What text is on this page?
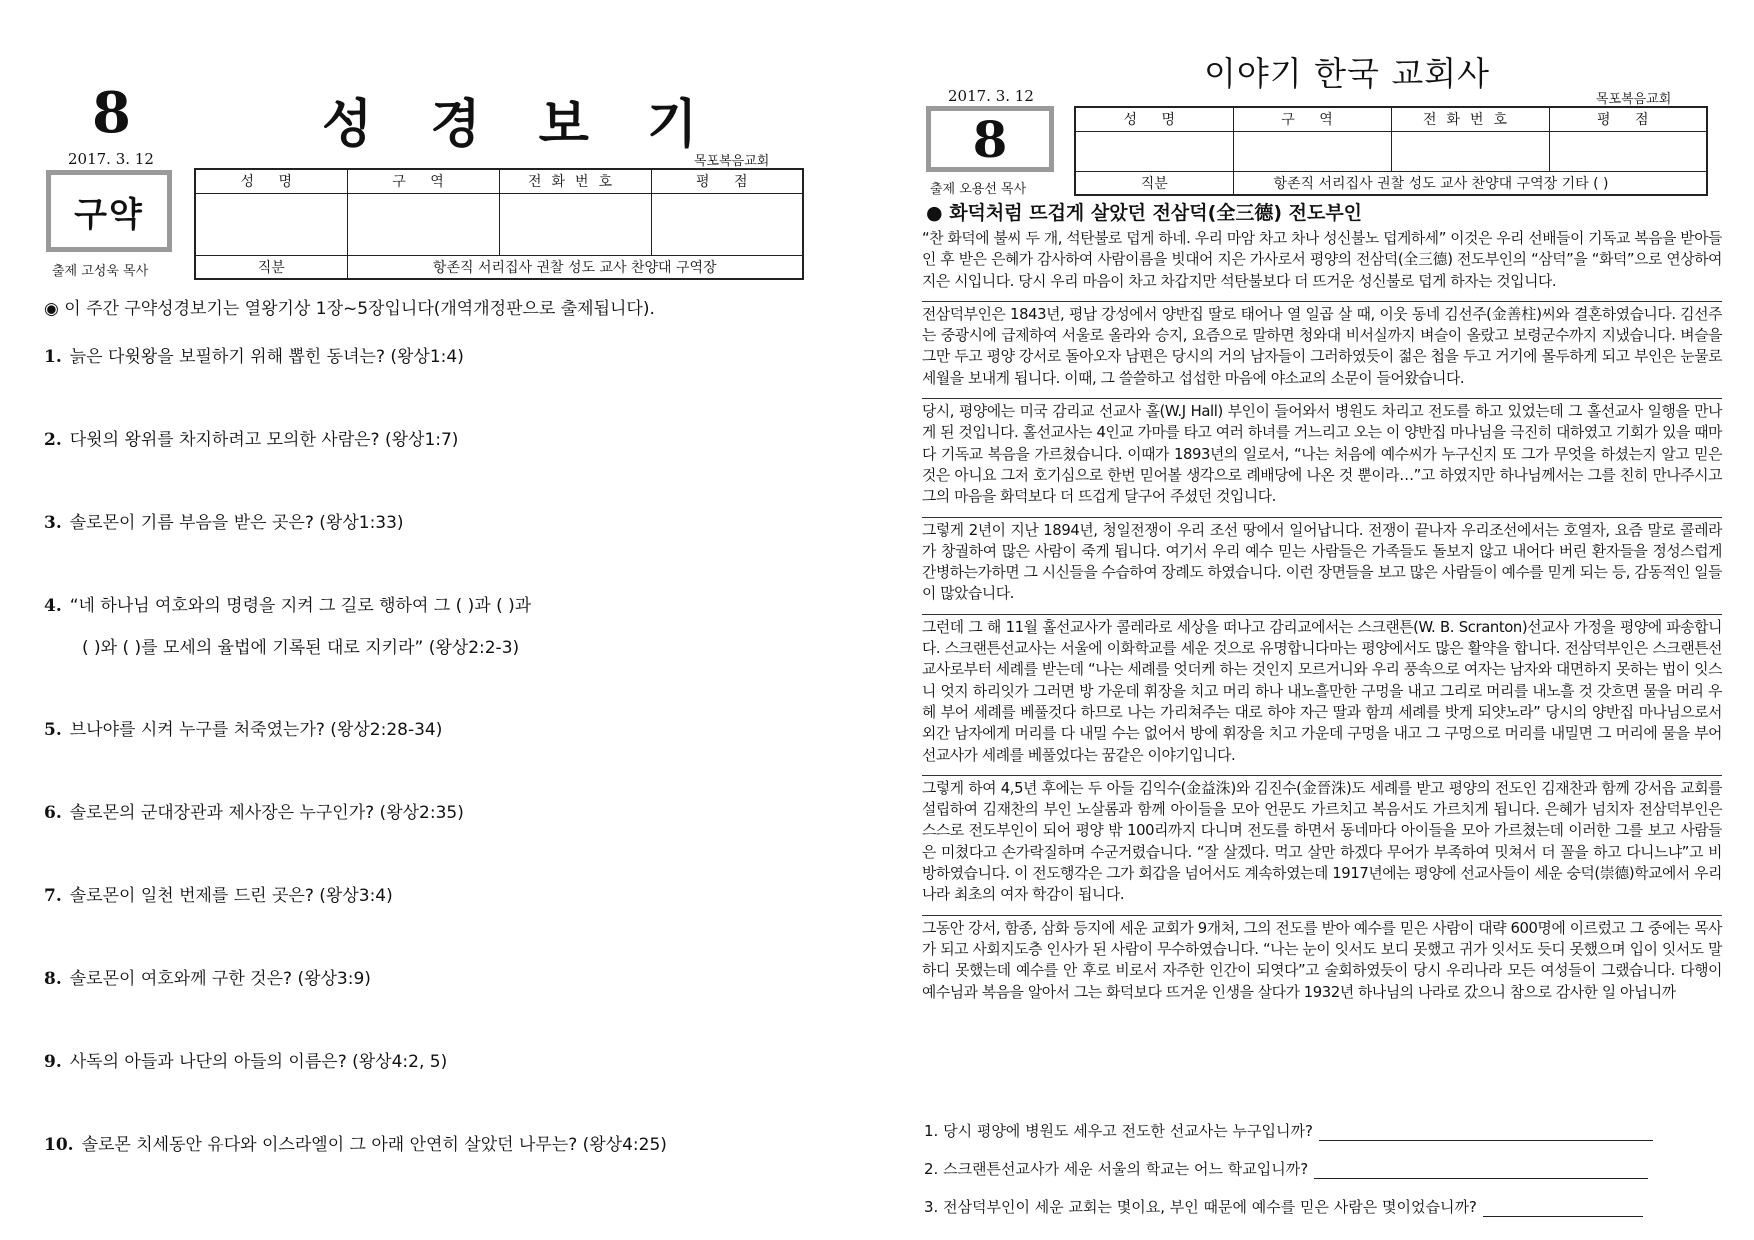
8	성 경 보 기
2017. 3. 12	목포복음교회
구약
출제 고성욱 목사
성 명	구 역	전화번호	평 점

직분	항존직 서리집사 권찰 성도 교사 찬양대 구역장		
◉ 이 주간 구약성경보기는 열왕기상 1장~5장입니다(개역개정판으로 출제됩니다).
1. 늙은 다윗왕을 보필하기 위해 뽑힌 동녀는? (왕상1:4)
2. 다윗의 왕위를 차지하려고 모의한 사람은? (왕상1:7)
3. 솔로몬이 기름 부음을 받은 곳은? (왕상1:33)
4. “네 하나님 여호와의 명령을 지켜 그 길로 행하여 그 ( )과 ( )과
( )와 ( )를 모세의 율법에 기록된 대로 지키라” (왕상2:2-3)
5. 브나야를 시켜 누구를 처죽였는가? (왕상2:28-34)
6. 솔로몬의 군대장관과 제사장은 누구인가? (왕상2:35)
7. 솔로몬이 일천 번제를 드린 곳은? (왕상3:4)
8. 솔로몬이 여호와께 구한 것은? (왕상3:9)
9. 사독의 아들과 나단의 아들의 이름은? (왕상4:2, 5)
10. 솔로몬 치세동안 유다와 이스라엘이 그 아래 안연히 살았던 나무는? (왕상4:25)
이야기 한국 교회사
2017. 3. 12	목포복음교회
8
출제 오용선 목사
성 명	구 역	전화번호	평 점

직분	항존직 서리집사 권찰 성도 교사 찬양대 구역장 기타 ( )		
● 화덕처럼 뜨겁게 살았던 전삼덕(全三德) 전도부인

“찬 화덕에 불씨 두 개, 석탄불로 덥게 하네. 우리 마암 차고 차나 성신불노 덥게하세” 이것은 우리 선배들이 기독교 복음을 받아들인 후 받은 은혜가 감사하여 사람이름을 빗대어 지은 가사로서 평양의 전삼덕(全三德) 전도부인의 “삼덕”을 “화덕”으로 연상하여 지은 시입니다. 당시 우리 마음이 차고 차갑지만 석탄불보다 더 뜨거운 성신불로 덥게 하자는 것입니다.

전삼덕부인은 1843년, 평남 강성에서 양반집 딸로 태어나 열 일곱 살 때, 이웃 동네 김선주(金善柱)씨와 결혼하였습니다. 김선주는 중광시에 급제하여 서울로 올라와 승지, 요즘으로 말하면 청와대 비서실까지 벼슬이 올랐고 보령군수까지 지냈습니다. 벼슬을 그만 두고 평양 강서로 돌아오자 남편은 당시의 거의 남자들이 그러하였듯이 젊은 첩을 두고 거기에 몰두하게 되고 부인은 눈물로 세월을 보내게 됩니다. 이때, 그 쓸쓸하고 섭섭한 마음에 야소교의 소문이 들어왔습니다.

당시, 평양에는 미국 감리교 선교사 홀(W.J Hall) 부인이 들어와서 병원도 차리고 전도를 하고 있었는데 그 홀선교사 일행을 만나게 된 것입니다. 홀선교사는 4인교 가마를 타고 여러 하녀를 거느리고 오는 이 양반집 마나님을 극진히 대하였고 기회가 있을 때마다 기독교 복음을 가르쳤습니다. 이때가 1893년의 일로서, “나는 처음에 예수씨가 누구신지 또 그가 무엇을 하셨는지 알고 믿은 것은 아니요 그저 호기심으로 한번 믿어볼 생각으로 례배당에 나온 것 뿐이라…”고 하였지만 하나님께서는 그를 친히 만나주시고 그의 마음을 화덕보다 더 뜨겁게 달구어 주셨던 것입니다.

그렇게 2년이 지난 1894년, 청일전쟁이 우리 조선 땅에서 일어납니다. 전쟁이 끝나자 우리조선에서는 호열자, 요즘 말로 콜레라가 창궐하여 많은 사람이 죽게 됩니다. 여기서 우리 예수 믿는 사람들은 가족들도 돌보지 않고 내어다 버린 환자들을 정성스럽게 간병하는가하면 그 시신들을 수습하여 장례도 하였습니다. 이런 장면들을 보고 많은 사람들이 예수를 믿게 되는 등, 감동적인 일들이 많았습니다.

그런데 그 해 11월 홀선교사가 콜레라로 세상을 떠나고 감리교에서는 스크랜튼(W. B. Scranton)선교사 가정을 평양에 파송합니다. 스크랜튼선교사는 서울에 이화학교를 세운 것으로 유명합니다마는 평양에서도 많은 활약을 합니다. 전삼덕부인은 스크랜튼선교사로부터 세례를 받는데 “나는 세례를 엇더케 하는 것인지 모르거니와 우리 풍속으로 여자는 남자와 대면하지 못하는 법이 잇스니 엇지 하리잇가 그러면 방 가운데 휘장을 치고 머리 하나 내노흘만한 구멍을 내고 그리로 머리를 내노흘 것 갓흐면 물을 머리 우헤 부어 세례를 베풀것다 하므로 나는 가리쳐주는 대로 하야 자근 딸과 함끠 세례를 밧게 되얏노라” 당시의 양반집 마나님으로서 외간 남자에게 머리를 다 내밀 수는 없어서 방에 휘장을 치고 가운데 구멍을 내고 그 구멍으로 머리를 내밀면 그 머리에 물을 부어 선교사가 세례를 베풀었다는 꿈같은 이야기입니다.

그렇게 하여 4,5년 후에는 두 아들 김익수(金益洙)와 김진수(金晉洙)도 세례를 받고 평양의 전도인 김재찬과 함께 강서읍 교회를 설립하여 김재찬의 부인 노살롬과 함께 아이들을 모아 언문도 가르치고 복음서도 가르치게 됩니다. 은혜가 넘치자 전삼덕부인은 스스로 전도부인이 되어 평양 밖 100리까지 다니며 전도를 하면서 동네마다 아이들을 모아 가르쳤는데 이러한 그를 보고 사람들은 미쳤다고 손가락질하며 수군거렸습니다. “잘 살겠다. 먹고 살만 하겠다 무어가 부족하여 밋쳐서 더 꼴을 하고 다니느냐”고 비방하였습니다. 이 전도행각은 그가 회갑을 넘어서도 계속하였는데 1917년에는 평양에 선교사들이 세운 숭덕(崇德)학교에서 우리나라 최초의 여자 학감이 됩니다.

그동안 강서, 함종, 삼화 등지에 세운 교회가 9개처, 그의 전도를 받아 예수를 믿은 사람이 대략 600명에 이르렀고 그 중에는 목사가 되고 사회지도층 인사가 된 사람이 무수하였습니다. “나는 눈이 잇서도 보디 못했고 귀가 잇서도 듯디 못했으며 입이 잇서도 말하디 못했는데 예수를 안 후로 비로서 자주한 인간이 되엿다”고 술회하였듯이 당시 우리나라 모든 여성들이 그랬습니다. 다행이 예수님과 복음을 알아서 그는 화덕보다 뜨거운 인생을 살다가 1932년 하나님의 나라로 갔으니 참으로 감사한 일 아닙니까

1. 당시 평양에 병원도 세우고 전도한 선교사는 누구입니까?
2. 스크랜튼선교사가 세운 서울의 학교는 어느 학교입니까?
3. 전삼덕부인이 세운 교회는 몇이요, 부인 때문에 예수를 믿은 사람은 몇이었습니까?
